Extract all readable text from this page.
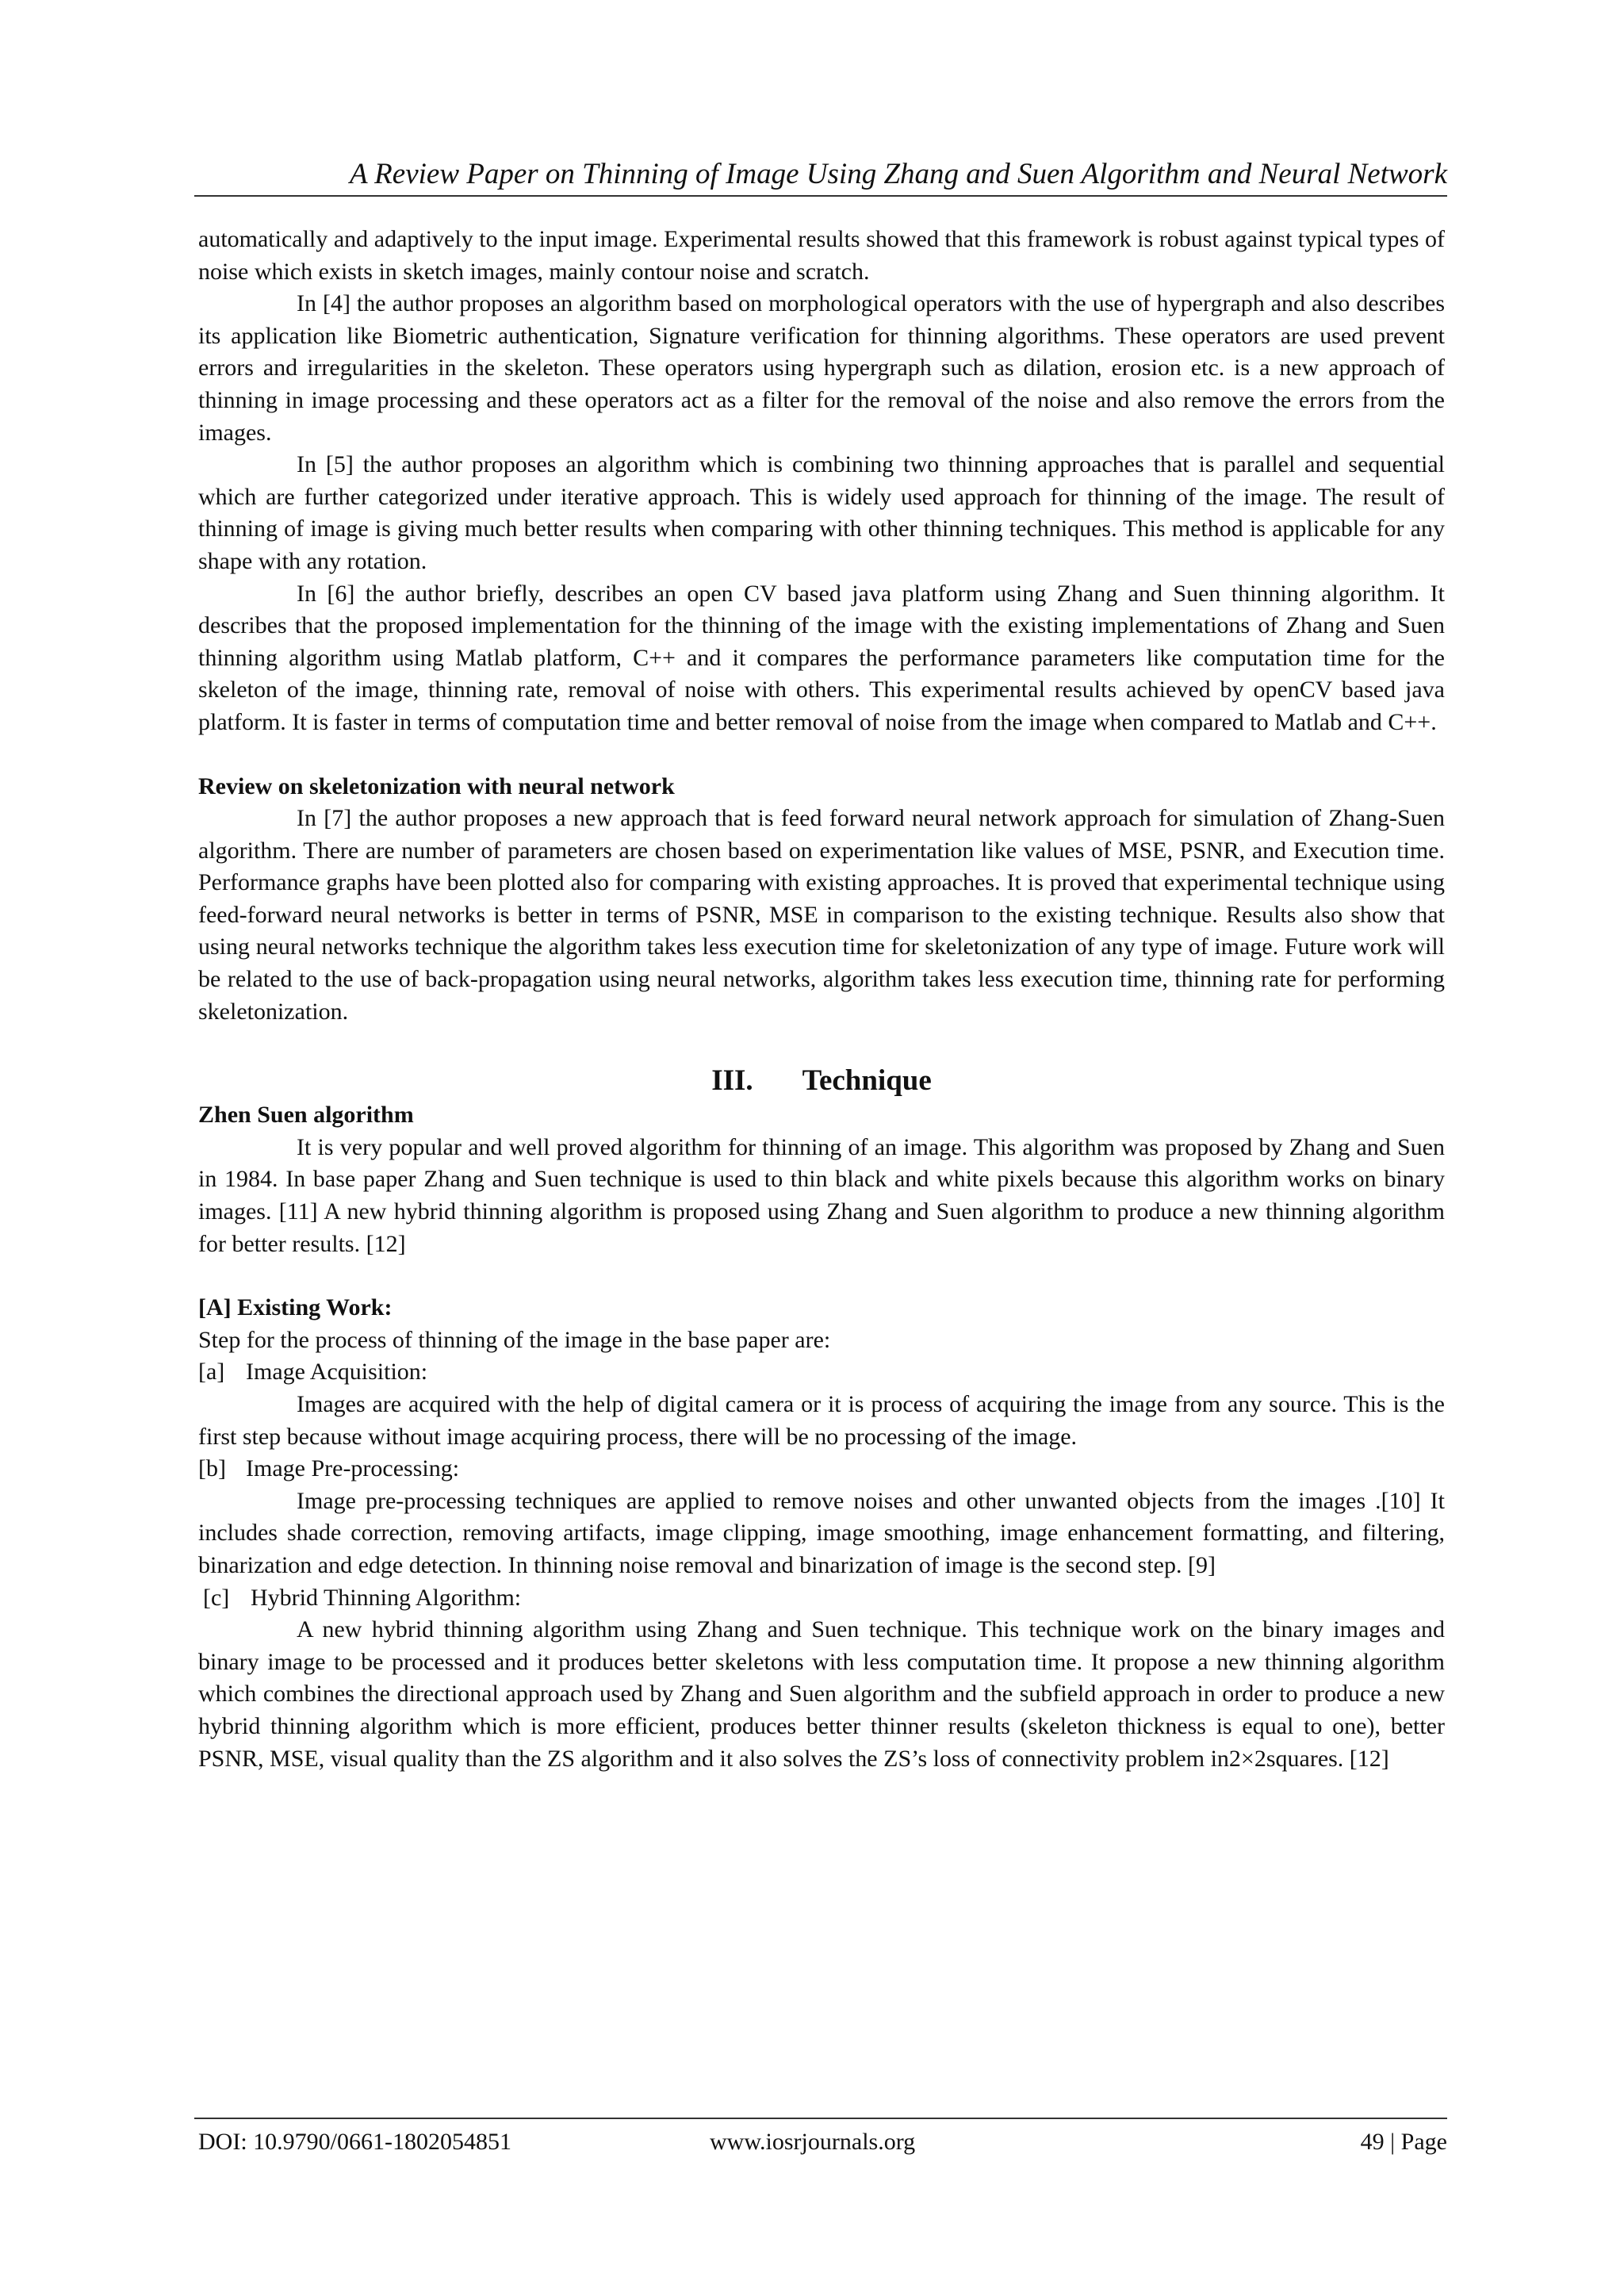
A Review Paper on Thinning of Image Using Zhang and Suen Algorithm and Neural Network

automatically and adaptively to the input image. Experimental results showed that this framework is robust against typical types of noise which exists in sketch images, mainly contour noise and scratch.

In [4] the author proposes an algorithm based on morphological operators with the use of hypergraph and also describes its application like Biometric authentication, Signature verification for thinning algorithms. These operators are used prevent errors and irregularities in the skeleton. These operators using hypergraph such as dilation, erosion etc. is a new approach of thinning in image processing and these operators act as a filter for the removal of the noise and also remove the errors from the images.

In [5] the author proposes an algorithm which is combining two thinning approaches that is parallel and sequential which are further categorized under iterative approach. This is widely used approach for thinning of the image. The result of thinning of image is giving much better results when comparing with other thinning techniques. This method is applicable for any shape with any rotation.

In [6] the author briefly, describes an open CV based java platform using Zhang and Suen thinning algorithm. It describes that the proposed implementation for the thinning of the image with the existing implementations of Zhang and Suen thinning algorithm using Matlab platform, C++ and it compares the performance parameters like computation time for the skeleton of the image, thinning rate, removal of noise with others. This experimental results achieved by openCV based java platform. It is faster in terms of computation time and better removal of noise from the image when compared to Matlab and C++.

Review on skeletonization with neural network

In [7] the author proposes a new approach that is feed forward neural network approach for simulation of Zhang-Suen algorithm. There are number of parameters are chosen based on experimentation like values of MSE, PSNR, and Execution time. Performance graphs have been plotted also for comparing with existing approaches. It is proved that experimental technique using feed-forward neural networks is better in terms of PSNR, MSE in comparison to the existing technique. Results also show that using neural networks technique the algorithm takes less execution time for skeletonization of any type of image. Future work will be related to the use of back-propagation using neural networks, algorithm takes less execution time, thinning rate for performing skeletonization.

III. Technique

Zhen Suen algorithm

It is very popular and well proved algorithm for thinning of an image. This algorithm was proposed by Zhang and Suen in 1984. In base paper Zhang and Suen technique is used to thin black and white pixels because this algorithm works on binary images. [11] A new hybrid thinning algorithm is proposed using Zhang and Suen algorithm to produce a new thinning algorithm for better results. [12]

[A] Existing Work:

Step for the process of thinning of the image in the base paper are:

[a] Image Acquisition:

Images are acquired with the help of digital camera or it is process of acquiring the image from any source. This is the first step because without image acquiring process, there will be no processing of the image.

[b] Image Pre-processing:

Image pre-processing techniques are applied to remove noises and other unwanted objects from the images .[10] It includes shade correction, removing artifacts, image clipping, image smoothing, image enhancement formatting, and filtering, binarization and edge detection. In thinning noise removal and binarization of image is the second step. [9]

[c] Hybrid Thinning Algorithm:

A new hybrid thinning algorithm using Zhang and Suen technique. This technique work on the binary images and binary image to be processed and it produces better skeletons with less computation time. It propose a new thinning algorithm which combines the directional approach used by Zhang and Suen algorithm and the subfield approach in order to produce a new hybrid thinning algorithm which is more efficient, produces better thinner results (skeleton thickness is equal to one), better PSNR, MSE, visual quality than the ZS algorithm and it also solves the ZS’s loss of connectivity problem in2×2squares. [12]

DOI: 10.9790/0661-1802054851	www.iosrjournals.org	49 | Page
